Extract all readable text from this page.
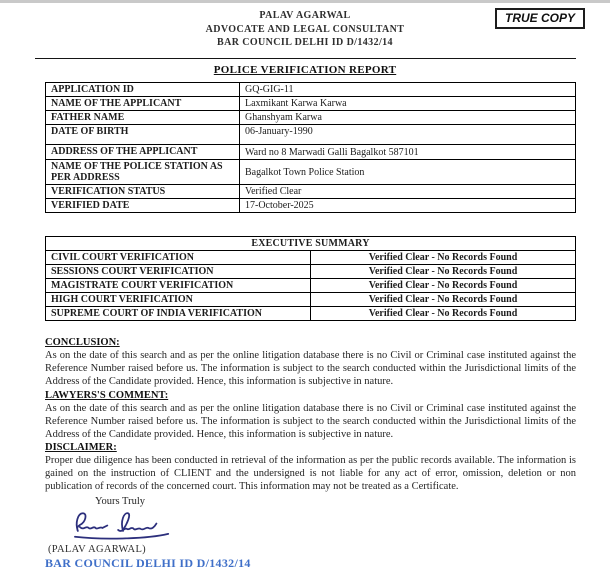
PALAV AGARWAL
ADVOCATE AND LEGAL CONSULTANT
BAR COUNCIL DELHI ID D/1432/14
TRUE COPY
POLICE VERIFICATION REPORT
APPLICATION ID	GQ-GIG-11
NAME OF THE APPLICANT	Laxmikant Karwa Karwa
FATHER NAME	Ghanshyam Karwa
DATE OF BIRTH	06-January-1990
ADDRESS OF THE APPLICANT	Ward no 8 Marwadi Galli Bagalkot 587101
NAME OF THE POLICE STATION AS PER ADDRESS	Bagalkot Town Police Station
VERIFICATION STATUS	Verified Clear
VERIFIED DATE	17-October-2025
EXECUTIVE SUMMARY	
CIVIL COURT VERIFICATION	Verified Clear - No Records Found
SESSIONS COURT VERIFICATION	Verified Clear - No Records Found
MAGISTRATE COURT VERIFICATION	Verified Clear - No Records Found
HIGH COURT VERIFICATION	Verified Clear - No Records Found
SUPREME COURT OF INDIA VERIFICATION	Verified Clear - No Records Found
CONCLUSION:

As on the date of this search and as per the online litigation database there is no Civil or Criminal case instituted against the Reference Number raised before us. The information is subject to the search conducted within the Jurisdictional limits of the Address of the Candidate provided. Hence, this information is subjective in nature.

LAWYERS'S COMMENT:

As on the date of this search and as per the online litigation database there is no Civil or Criminal case instituted against the Reference Number raised before us. The information is subject to the search conducted within the Jurisdictional limits of the Address of the Candidate provided. Hence, this information is subjective in nature.

DISCLAIMER:

Proper due diligence has been conducted in retrieval of the information as per the public records available. The information is gained on the instruction of CLIENT and the undersigned is not liable for any act of error, omission, deletion or non publication of records of the concerned court. This information may not be treated as a Certificate.

Yours Truly
(PALAV AGARWAL)
BAR COUNCIL DELHI ID D/1432/14
